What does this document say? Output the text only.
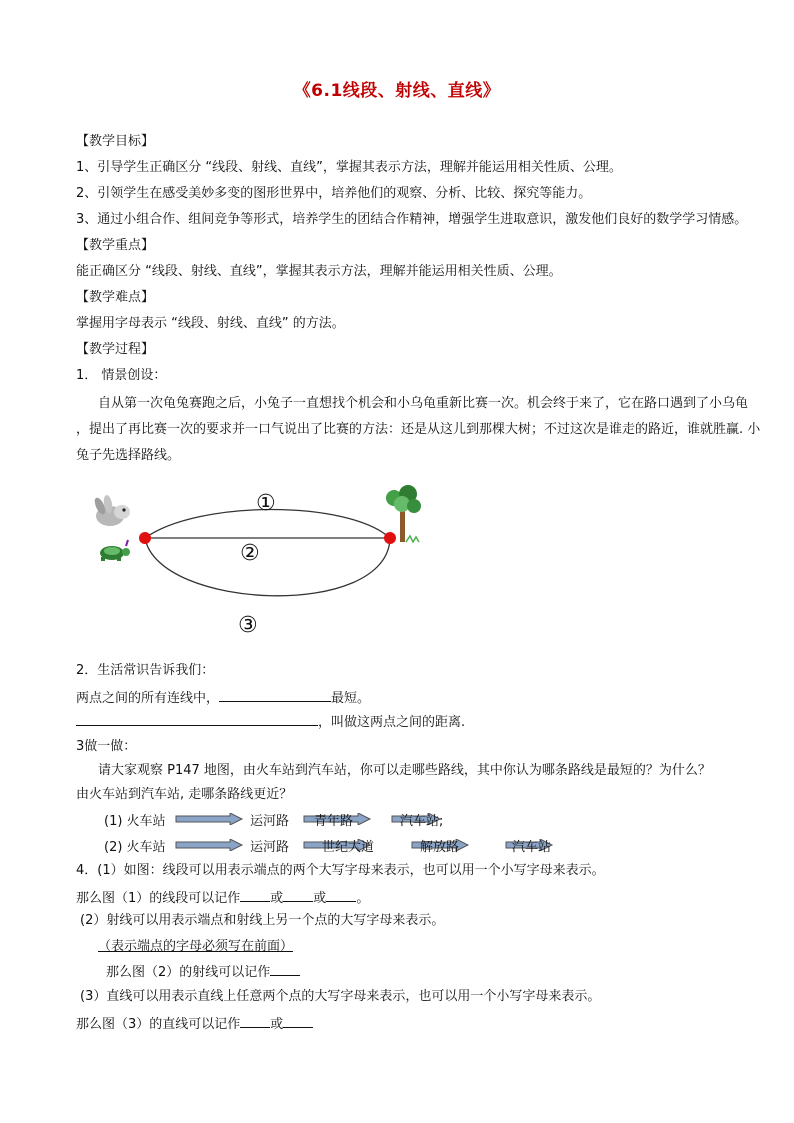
《6.1线段、射线、直线》
【教学目标】
1、引导学生正确区分 “线段、射线、直线”，掌握其表示方法，理解并能运用相关性质、公理。
2、引领学生在感受美妙多变的图形世界中，培养他们的观察、分析、比较、探究等能力。
3、通过小组合作、组间竞争等形式，培养学生的团结合作精神，增强学生进取意识，激发他们良好的数学学习情感。
【教学重点】
能正确区分 “线段、射线、直线”，掌握其表示方法，理解并能运用相关性质、公理。
【教学难点】
掌握用字母表示 “线段、射线、直线” 的方法。
【教学过程】
1． 情景创设：
自从第一次龟兔赛跑之后，小兔子一直想找个机会和小乌龟重新比赛一次。机会终于来了，它在路口遇到了小乌龟
，提出了再比赛一次的要求并一口气说出了比赛的方法：还是从这儿到那棵大树；不过这次是谁走的路近，谁就胜赢. 小
兔子先选择路线。
①
②
③
2．生活常识告诉我们：
两点之间的所有连线中，	最短。
，叫做这两点之间的距离.
3做一做：
请大家观察 P147 地图，由火车站到汽车站，你可以走哪些路线，其中你认为哪条路线是最短的？为什么？
由火车站到汽车站, 走哪条路线更近？
(1) 火车站	运河路 青年路	汽车站;
(2) 火车站	运河路	世纪大道	解放路	汽车站
4．(1）如图：线段可以用表示端点的两个大写字母来表示，也可以用一个小写字母来表示。
那么图（1）的线段可以记作 或 或 。
(2）射线可以用表示端点和射线上另一个点的大写字母来表示。
（表示端点的字母必须写在前面）
那么图（2）的射线可以记作
(3）直线可以用表示直线上任意两个点的大写字母来表示，也可以用一个小写字母来表示。
那么图（3）的直线可以记作 或
